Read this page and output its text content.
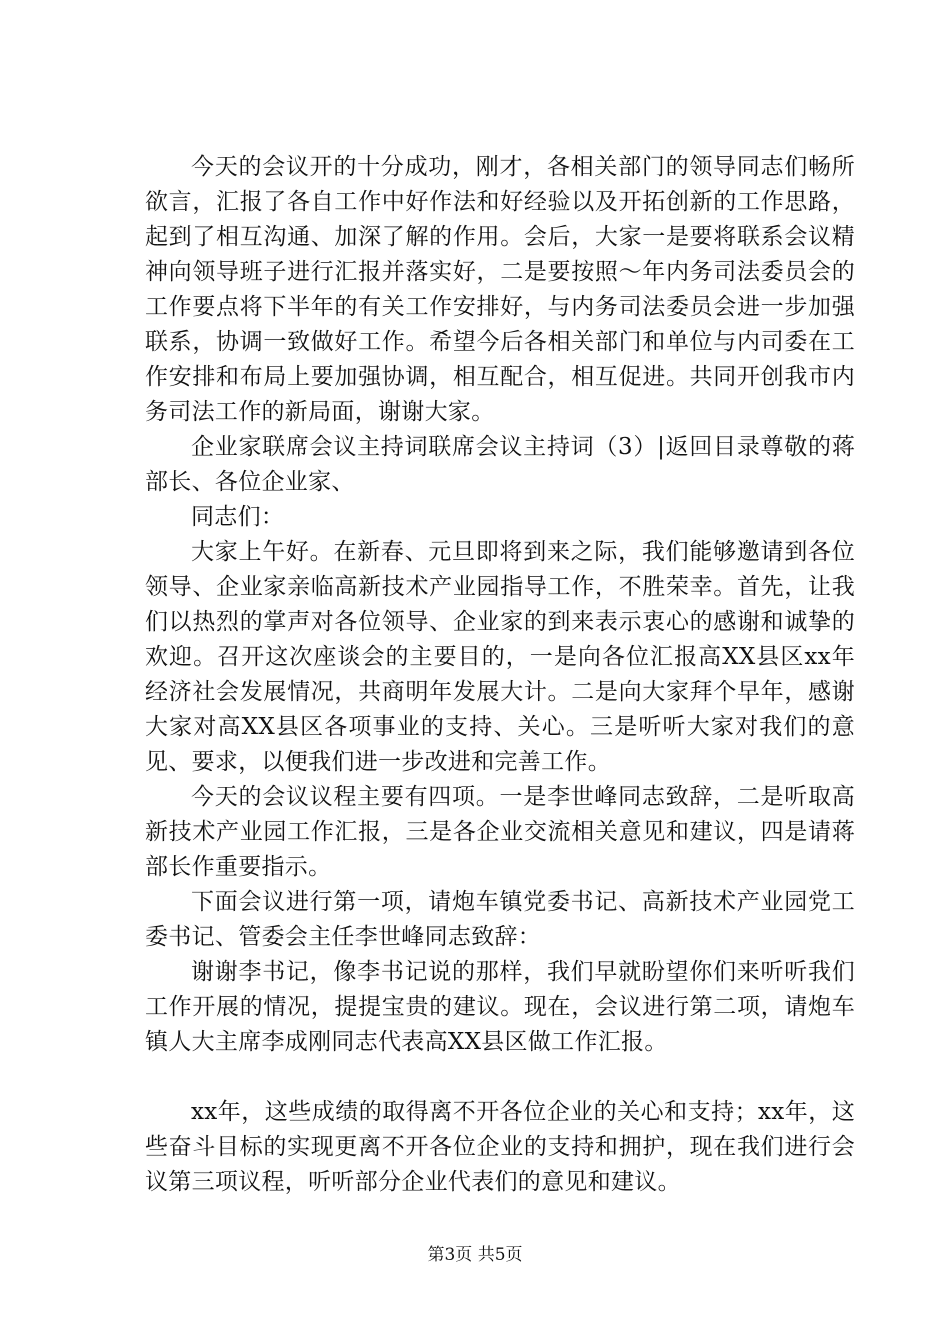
今天的会议开的十分成功，刚才，各相关部门的领导同志们畅所欲言，汇报了各自工作中好作法和好经验以及开拓创新的工作思路，起到了相互沟通、加深了解的作用。会后，大家一是要将联系会议精神向领导班子进行汇报并落实好，二是要按照～年内务司法委员会的工作要点将下半年的有关工作安排好，与内务司法委员会进一步加强联系，协调一致做好工作。希望今后各相关部门和单位与内司委在工作安排和布局上要加强协调，相互配合，相互促进。共同开创我市内务司法工作的新局面，谢谢大家。

企业家联席会议主持词联席会议主持词（3）|返回目录尊敬的蒋部长、各位企业家、

同志们：

大家上午好。在新春、元旦即将到来之际，我们能够邀请到各位领导、企业家亲临高新技术产业园指导工作，不胜荣幸。首先，让我们以热烈的掌声对各位领导、企业家的到来表示衷心的感谢和诚挚的欢迎。召开这次座谈会的主要目的，一是向各位汇报高XX县区xx年经济社会发展情况，共商明年发展大计。二是向大家拜个早年，感谢大家对高XX县区各项事业的支持、关心。三是听听大家对我们的意见、要求，以便我们进一步改进和完善工作。

今天的会议议程主要有四项。一是李世峰同志致辞，二是听取高新技术产业园工作汇报，三是各企业交流相关意见和建议，四是请蒋部长作重要指示。

下面会议进行第一项，请炮车镇党委书记、高新技术产业园党工委书记、管委会主任李世峰同志致辞：

谢谢李书记，像李书记说的那样，我们早就盼望你们来听听我们工作开展的情况，提提宝贵的建议。现在，会议进行第二项，请炮车镇人大主席李成刚同志代表高XX县区做工作汇报。

xx年，这些成绩的取得离不开各位企业的关心和支持；xx年，这些奋斗目标的实现更离不开各位企业的支持和拥护，现在我们进行会议第三项议程，听听部分企业代表们的意见和建议。

第3页 共5页
